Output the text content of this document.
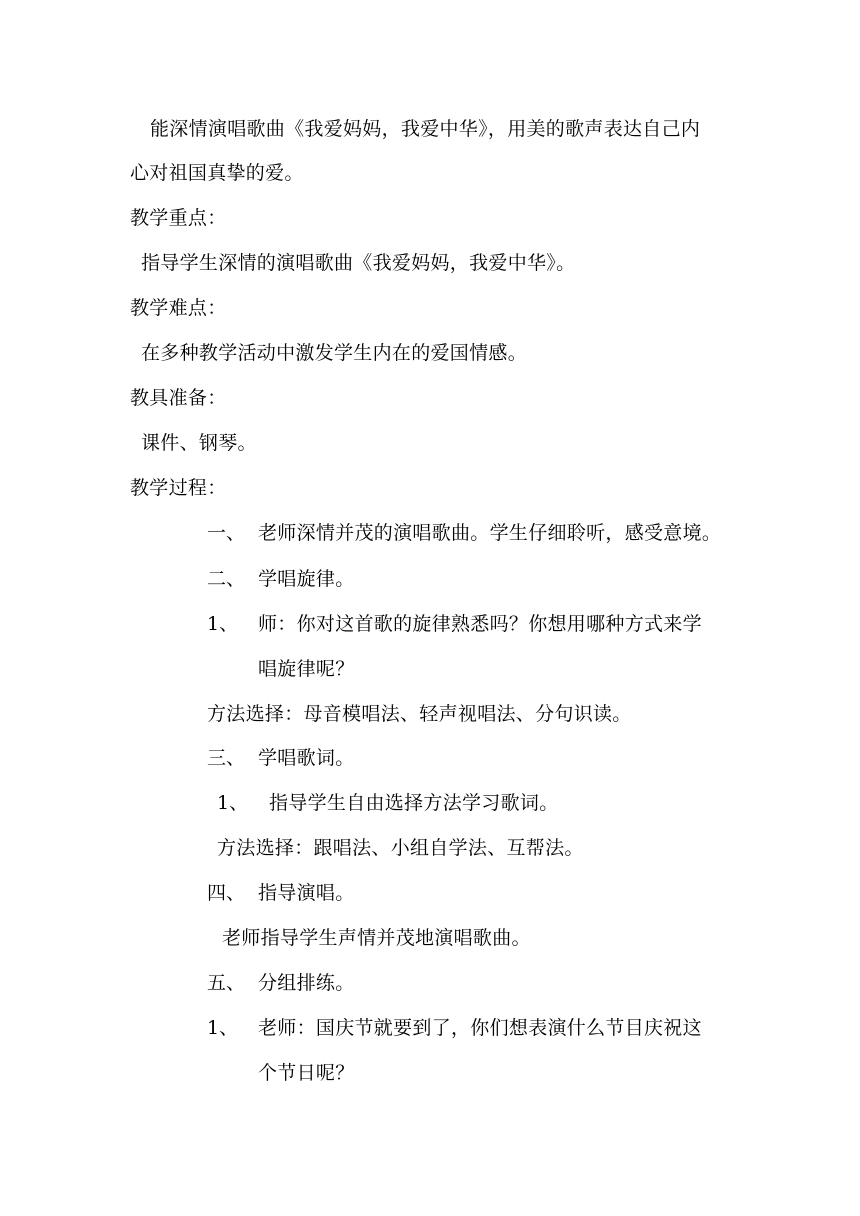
能深情演唱歌曲《我爱妈妈，我爱中华》，用美的歌声表达自己内
心对祖国真挚的爱。
教学重点：
指导学生深情的演唱歌曲《我爱妈妈，我爱中华》。
教学难点：
在多种教学活动中激发学生内在的爱国情感。
教具准备：
课件、钢琴。
教学过程：
一、 老师深情并茂的演唱歌曲。学生仔细聆听，感受意境。
二、 学唱旋律。
1、 师：你对这首歌的旋律熟悉吗？你想用哪种方式来学
唱旋律呢？
方法选择：母音模唱法、轻声视唱法、分句识读。
三、 学唱歌词。
1、 指导学生自由选择方法学习歌词。
方法选择：跟唱法、小组自学法、互帮法。
四、 指导演唱。
老师指导学生声情并茂地演唱歌曲。
五、 分组排练。
1、 老师：国庆节就要到了，你们想表演什么节目庆祝这
个节日呢？
